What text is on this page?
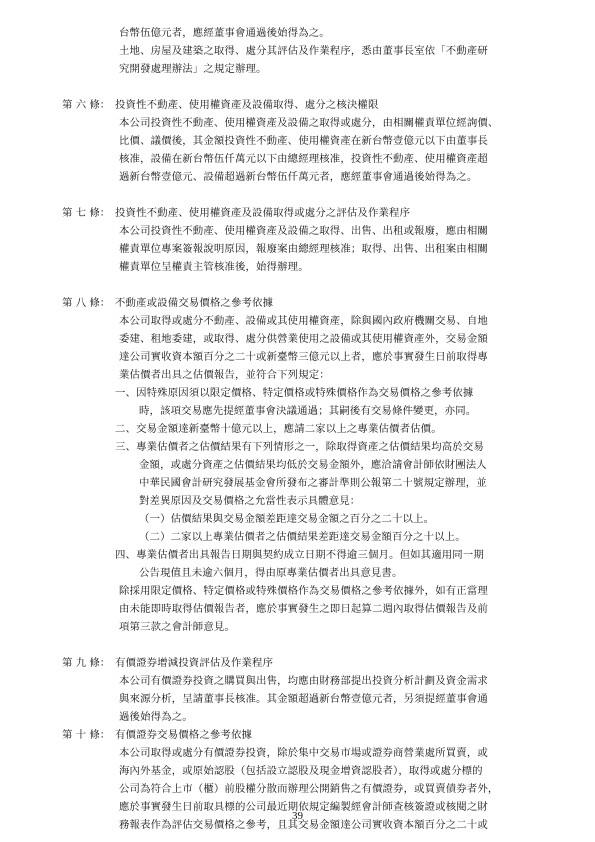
台幣伍億元者，應經董事會通過後始得為之。
土地、房屋及建築之取得、處分其評估及作業程序，悉由董事長室依「不動產研
究開發處理辦法」之規定辦理。
第 六 條： 投資性不動產、使用權資產及設備取得、處分之核決權限
本公司投資性不動產、使用權資產及設備之取得或處分，由相關權責單位經詢價、
比價、議價後，其金額投資性不動產、使用權資產在新台幣壹億元以下由董事長
核准，設備在新台幣伍仟萬元以下由總經理核准，投資性不動產、使用權資產超
過新台幣壹億元、設備超過新台幣伍仟萬元者，應經董事會通過後始得為之。
第 七 條： 投資性不動產、使用權資產及設備取得或處分之評估及作業程序
本公司投資性不動產、使用權資產及設備之取得、出售、出租或報廢，應由相關
權責單位專案簽報說明原因，報廢案由總經理核准；取得、出售、出租案由相關
權責單位呈權責主管核准後，始得辦理。
第 八 條： 不動產或設備交易價格之參考依據
本公司取得或處分不動產、設備或其使用權資產，除與國內政府機關交易、自地
委建、租地委建，或取得、處分供營業使用之設備或其使用權資產外，交易金額
達公司實收資本額百分之二十或新臺幣三億元以上者，應於事實發生日前取得專
業估價者出具之估價報告，並符合下列規定：
一、因特殊原因須以限定價格、特定價格或特殊價格作為交易價格之參考依據
時，該項交易應先提經董事會決議通過；其嗣後有交易條件變更，亦同。
二、交易金額達新臺幣十億元以上，應請二家以上之專業估價者估價。
三、專業估價者之估價結果有下列情形之一，除取得資產之估價結果均高於交易
金額，或處分資產之估價結果均低於交易金額外，應洽請會計師依財團法人
中華民國會計研究發展基金會所發布之審計準則公報第二十號規定辦理，並
對差異原因及交易價格之允當性表示具體意見：
（一）估價結果與交易金額差距達交易金額之百分之二十以上。
（二）二家以上專業估價者之估價結果差距達交易金額百分之十以上。
四、專業估價者出具報告日期與契約成立日期不得逾三個月。但如其適用同一期
公告現值且未逾六個月，得由原專業估價者出具意見書。
除採用限定價格、特定價格或特殊價格作為交易價格之參考依據外，如有正當理
由未能即時取得估價報告者，應於事實發生之即日起算二週內取得估價報告及前
項第三款之會計師意見。
第 九 條： 有價證券增減投資評估及作業程序
本公司有價證券投資之購買與出售，均應由財務部提出投資分析計劃及資金需求
與來源分析，呈請董事長核准。其金額超過新台幣壹億元者，另須提經董事會通
過後始得為之。
第 十 條： 有價證券交易價格之參考依據
本公司取得或處分有價證券投資，除於集中交易市場或證券商營業處所買賣，或
海內外基金，或原始認股（包括設立認股及現金增資認股者），取得或處分標的
公司為符合上市（櫃）前股權分散而辦理公開銷售之有價證券，或買賣債券者外，
應於事實發生日前取具標的公司最近期依規定編製經會計師查核簽證或核閱之財
務報表作為評估交易價格之參考，且其交易金額達公司實收資本額百分之二十或
39
